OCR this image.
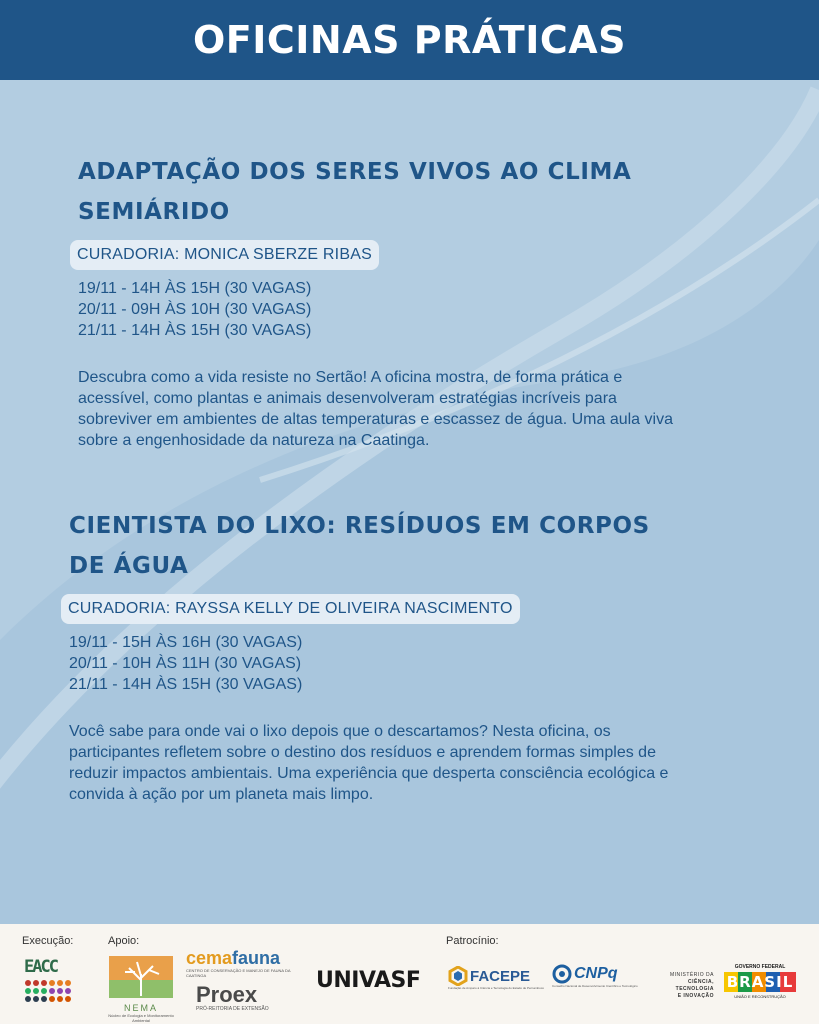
OFICINAS PRÁTICAS
ADAPTAÇÃO DOS SERES VIVOS AO CLIMA
SEMIÁRIDO
CURADORIA: MONICA SBERZE RIBAS
19/11 - 14H ÀS 15H (30 VAGAS)
20/11 - 09H ÀS 10H (30 VAGAS)
21/11 - 14H ÀS 15H (30 VAGAS)
Descubra como a vida resiste no Sertão! A oficina mostra, de forma prática e
acessível, como plantas e animais desenvolveram estratégias incríveis para
sobreviver em ambientes de altas temperaturas e escassez de água. Uma aula viva
sobre a engenhosidade da natureza na Caatinga.
CIENTISTA DO LIXO: RESÍDUOS EM CORPOS
DE ÁGUA
CURADORIA: RAYSSA KELLY DE OLIVEIRA NASCIMENTO
19/11 - 15H ÀS 16H (30 VAGAS)
20/11 - 10H ÀS 11H (30 VAGAS)
21/11 - 14H ÀS 15H (30 VAGAS)
Você sabe para onde vai o lixo depois que o descartamos? Nesta oficina, os
participantes refletem sobre o destino dos resíduos e aprendem formas simples de
reduzir impactos ambientais. Uma experiência que desperta consciência ecológica e
convida à ação por um planeta mais limpo.
Execução:	Apoio:	Patrocínio:
EACC
NEMA
Núcleo de Ecologia e Monitoramento Ambiental
cemafauna
CENTRO DE CONSERVAÇÃO E MANEJO DE FAUNA DA CAATINGA
Proex
PRÓ-REITORIA DE EXTENSÃO
UNIVASF	FACEPE
Fundação de Amparo à Ciência e Tecnologia do Estado de Pernambuco
CNPq
Conselho Nacional de Desenvolvimento Científico e Tecnológico
MINISTÉRIO DA
CIÊNCIA, TECNOLOGIA
E INOVAÇÃO
GOVERNO FEDERAL
BRASIL
UNIÃO E RECONSTRUÇÃO
